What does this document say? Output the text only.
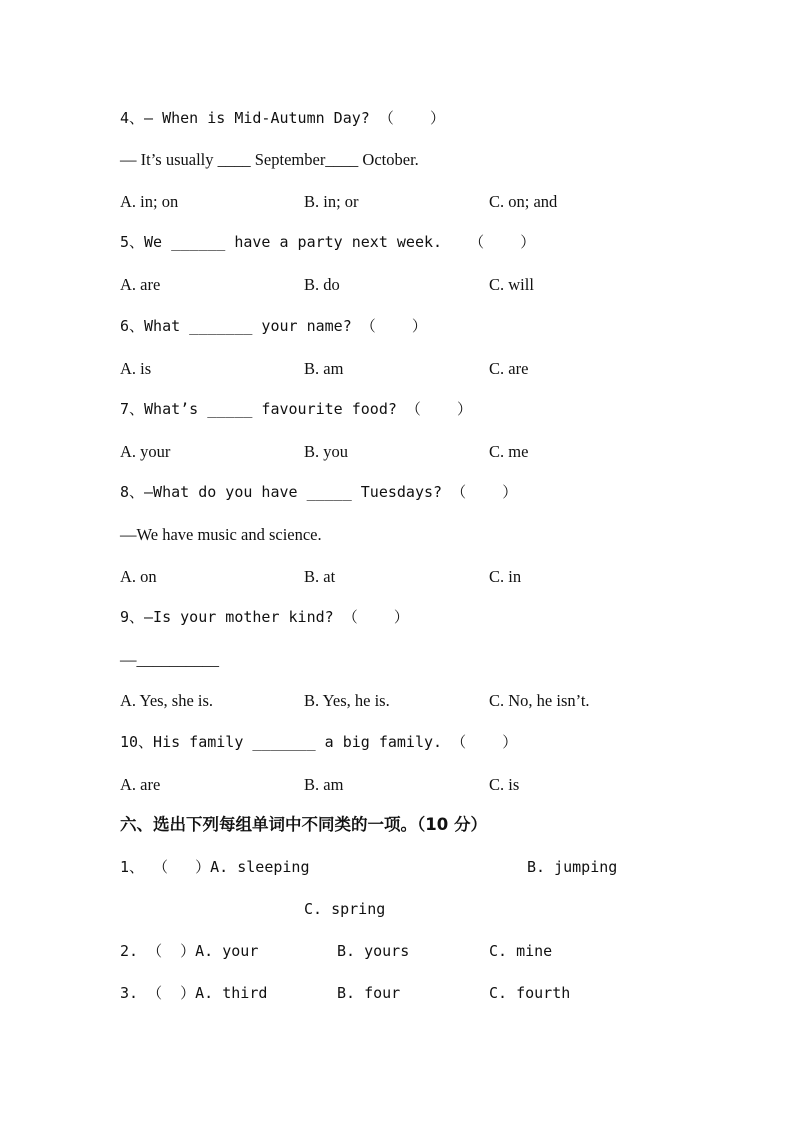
4、— When is Mid-Autumn Day? （    ）
— It’s usually ____ September____ October.
A. in; on	B. in; or	C. on; and
5、We ______ have a party next week.   （    ）
A. are	B. do	C. will
6、What _______ your name? （    ）
A. is	B. am	C. are
7、What’s _____ favourite food? （    ）
A. your	B. you	C. me
8、—What do you have _____ Tuesdays? （    ）
—We have music and science.
A. on	B. at	C. in
9、—Is your mother kind? （    ）
—__________
A. Yes, she is.	B. Yes, he is.	C. No, he isn’t.
10、His family _______ a big family. （    ）
A. are	B. am	C. is
六、选出下列每组单词中不同类的一项。（10 分）
1、 （   ）A. sleeping	B. jumping
C. spring
2. （  ）A. your	B. yours	C. mine
3. （  ）A. third	B. four	C. fourth
